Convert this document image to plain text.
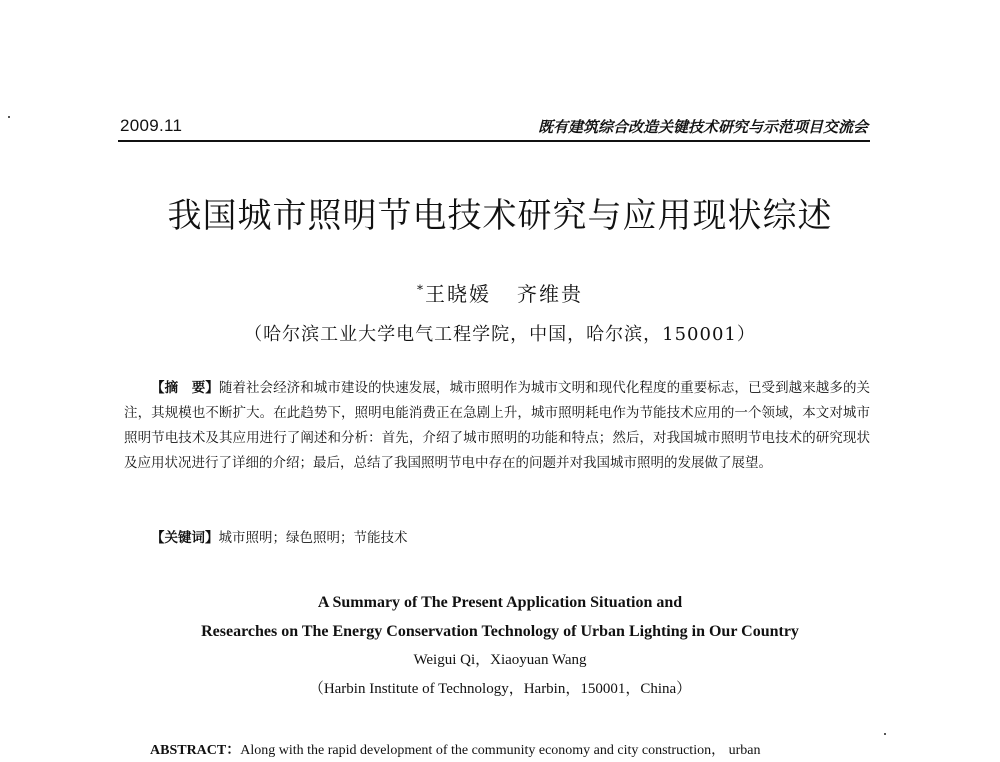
2009.11	既有建筑综合改造关键技术研究与示范项目交流会
我国城市照明节电技术研究与应用现状综述
*王晓媛 齐维贵
（哈尔滨工业大学电气工程学院，中国，哈尔滨，150001）

【摘　要】随着社会经济和城市建设的快速发展，城市照明作为城市文明和现代化程度的重要标志，已受到越来越多的关注，其规模也不断扩大。在此趋势下，照明电能消费正在急剧上升，城市照明耗电作为节能技术应用的一个领域，本文对城市照明节电技术及其应用进行了阐述和分析：首先，介绍了城市照明的功能和特点；然后，对我国城市照明节电技术的研究现状及应用状况进行了详细的介绍；最后，总结了我国照明节电中存在的问题并对我国城市照明的发展做了展望。

【关键词】城市照明；绿色照明；节能技术

A Summary of The Present Application Situation and
Researches on The Energy Conservation Technology of Urban Lighting in Our Country
Weigui Qi，Xiaoyuan Wang
（Harbin Institute of Technology，Harbin，150001，China）
ABSTRACT：Along with the rapid development of the community economy and city construction， urban
